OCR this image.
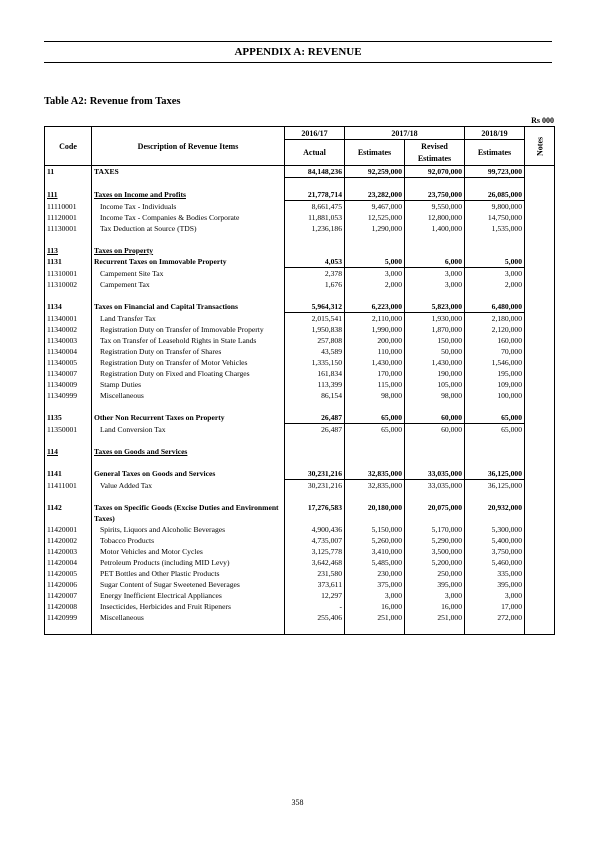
APPENDIX A: REVENUE
Table A2: Revenue from Taxes
Rs 000
Code	Description of Revenue Items	2016/17	2017/18		2018/19	Notes
		Actual	Estimates	Revised	Estimates	
				Estimates		
11	TAXES	84,148,236	92,259,000	92,070,000	99,723,000	

111	Taxes on Income and Profits	21,778,714	23,282,000	23,750,000	26,085,000	
11110001	Income Tax - Individuals	8,661,475	9,467,000	9,550,000	9,800,000	
11120001	Income Tax - Companies & Bodies Corporate	11,881,053	12,525,000	12,800,000	14,750,000	
11130001	Tax Deduction at Source (TDS)	1,236,186	1,290,000	1,400,000	1,535,000	

113	Taxes on Property					
1131	Recurrent Taxes on Immovable Property	4,053	5,000	6,000	5,000	
11310001	Campement Site Tax	2,378	3,000	3,000	3,000	
11310002	Campement Tax	1,676	2,000	3,000	2,000	

1134	Taxes on Financial and Capital Transactions	5,964,312	6,223,000	5,823,000	6,480,000	
11340001	Land Transfer Tax	2,015,541	2,110,000	1,930,000	2,180,000	
11340002	Registration Duty on Transfer of Immovable Property	1,950,838	1,990,000	1,870,000	2,120,000	
11340003	Tax on Transfer of Leasehold Rights in State Lands	257,808	200,000	150,000	160,000	
11340004	Registration Duty on Transfer of Shares	43,589	110,000	50,000	70,000	
11340005	Registration Duty on Transfer of Motor Vehicles	1,335,150	1,430,000	1,430,000	1,546,000	
11340007	Registration Duty on Fixed and Floating Charges	161,834	170,000	190,000	195,000	
11340009	Stamp Duties	113,399	115,000	105,000	109,000	
11340999	Miscellaneous	86,154	98,000	98,000	100,000	

1135	Other Non Recurrent Taxes on Property	26,487	65,000	60,000	65,000	
11350001	Land Conversion Tax	26,487	65,000	60,000	65,000	

114	Taxes on Goods and Services					

1141	General Taxes on Goods and Services	30,231,216	32,835,000	33,035,000	36,125,000	
11411001	Value Added Tax	30,231,216	32,835,000	33,035,000	36,125,000	

1142	Taxes on Specific Goods (Excise Duties and Environment Taxes)	17,276,583	20,180,000	20,075,000	20,932,000	
11420001	Spirits, Liquors and Alcoholic Beverages	4,900,436	5,150,000	5,170,000	5,300,000	
11420002	Tobacco Products	4,735,007	5,260,000	5,290,000	5,400,000	
11420003	Motor Vehicles and Motor Cycles	3,125,778	3,410,000	3,500,000	3,750,000	
11420004	Petroleum Products (including MID Levy)	3,642,468	5,485,000	5,200,000	5,460,000	
11420005	PET Bottles and Other Plastic Products	231,580	230,000	250,000	335,000	
11420006	Sugar Content of Sugar Sweetened Beverages	373,611	375,000	395,000	395,000	
11420007	Energy Inefficient Electrical Appliances	12,297	3,000	3,000	3,000	
11420008	Insecticides, Herbicides and Fruit Ripeners	-	16,000	16,000	17,000	
11420999	Miscellaneous	255,406	251,000	251,000	272,000	

358
